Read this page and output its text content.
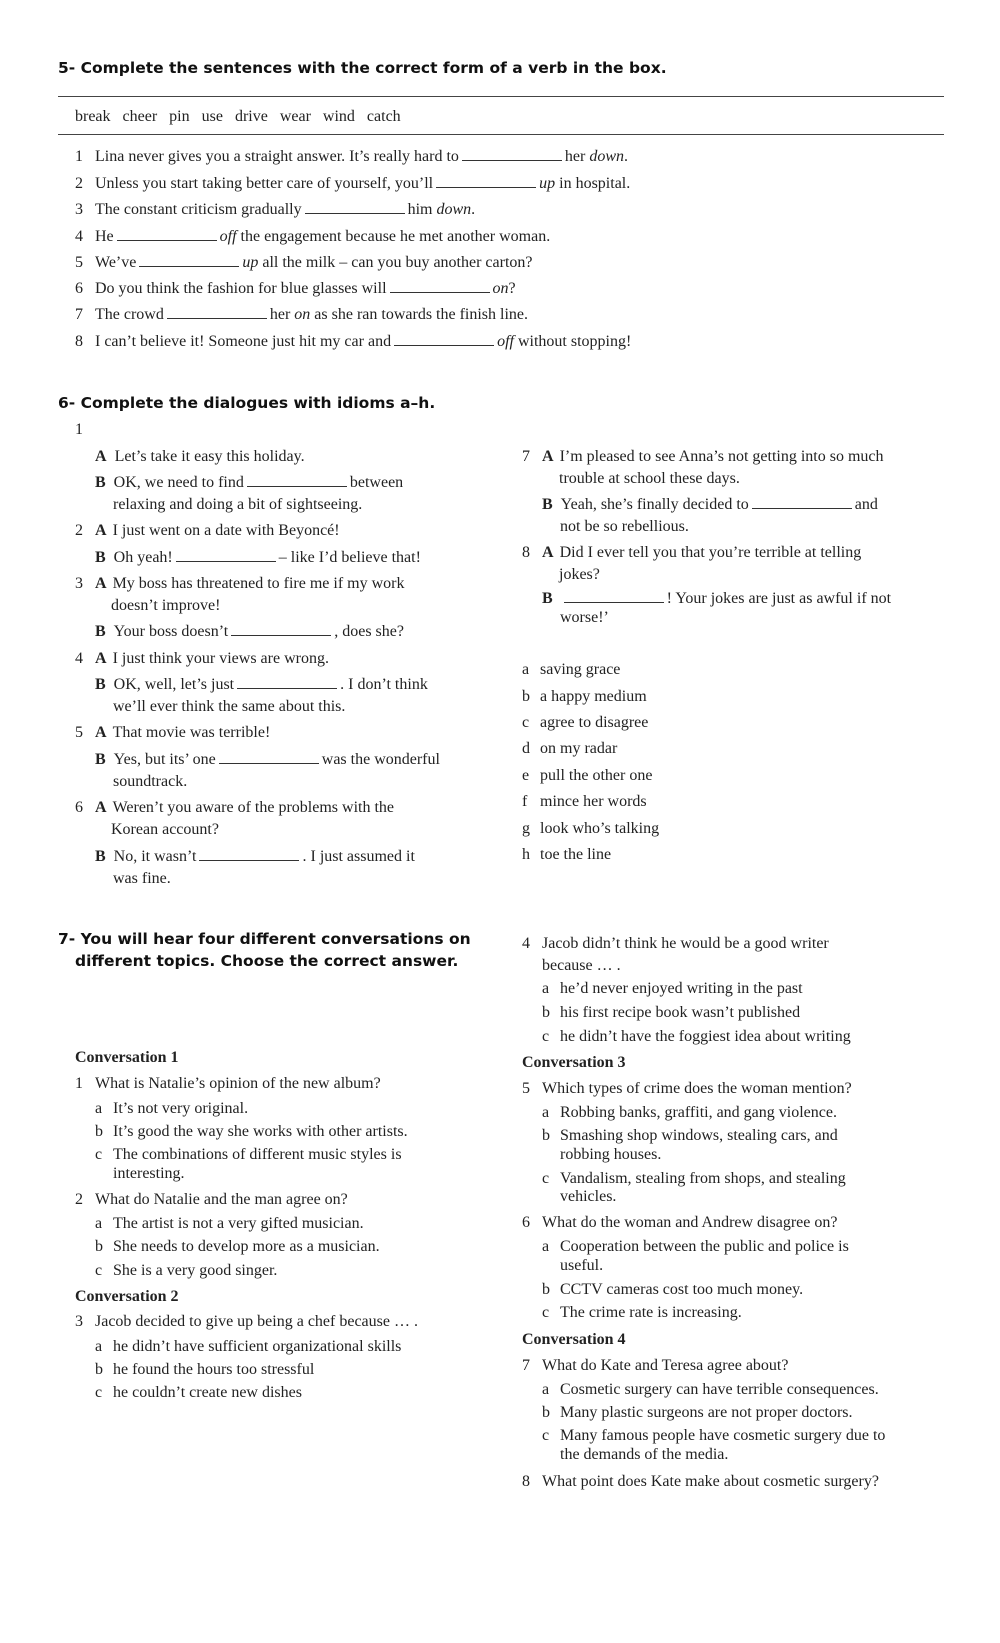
5- Complete the sentences with the correct form of a verb in the box.
break cheer pin use drive wear wind catch
1 Lina never gives you a straight answer. It’s really hard to	her down.
2 Unless you start taking better care of yourself, you’ll	up in hospital.
3 The constant criticism gradually	him down.
4 He	off the engagement because he met another woman.
5 We’ve	up all the milk – can you buy another carton?
6 Do you think the fashion for blue glasses will	on?
7 The crowd	her on as she ran towards the finish line.
8 I can’t believe it! Someone just hit my car and	off without stopping!
6- Complete the dialogues with idioms a–h.
1
A Let’s take it easy this holiday.
B OK, we need to find	between
relaxing and doing a bit of sightseeing.
2 A I just went on a date with Beyoncé!
B Oh yeah!	– like I’d believe that!
3 A My boss has threatened to fire me if my work
doesn’t improve!
B Your boss doesn’t	, does she?
4 A I just think your views are wrong.
B OK, well, let’s just	. I don’t think
we’ll ever think the same about this.
5 A That movie was terrible!
B Yes, but its’ one	was the wonderful
soundtrack.
6 A Weren’t you aware of the problems with the
Korean account?
B No, it wasn’t	. I just assumed it
was fine.
7 A I’m pleased to see Anna’s not getting into so much
trouble at school these days.
B Yeah, she’s finally decided to	and
not be so rebellious.
8 A Did I ever tell you that you’re terrible at telling
jokes?
B	! Your jokes are just as awful if not
worse!’
a saving grace
b a happy medium
c agree to disagree
d on my radar
e pull the other one
f mince her words
g look who’s talking
h toe the line
7- You will hear four different conversations on
different topics. Choose the correct answer.
Conversation 1
1 What is Natalie’s opinion of the new album?
a It’s not very original.
b It’s good the way she works with other artists.
c The combinations of different music styles is
interesting.
2 What do Natalie and the man agree on?
a The artist is not a very gifted musician.
b She needs to develop more as a musician.
c She is a very good singer.
Conversation 2
3 Jacob decided to give up being a chef because … .
a he didn’t have sufficient organizational skills
b he found the hours too stressful
c he couldn’t create new dishes
4 Jacob didn’t think he would be a good writer
because … .
a he’d never enjoyed writing in the past
b his first recipe book wasn’t published
c he didn’t have the foggiest idea about writing
Conversation 3
5 Which types of crime does the woman mention?
a Robbing banks, graffiti, and gang violence.
b Smashing shop windows, stealing cars, and
robbing houses.
c Vandalism, stealing from shops, and stealing
vehicles.
6 What do the woman and Andrew disagree on?
a Cooperation between the public and police is
useful.
b CCTV cameras cost too much money.
c The crime rate is increasing.
Conversation 4
7 What do Kate and Teresa agree about?
a Cosmetic surgery can have terrible consequences.
b Many plastic surgeons are not proper doctors.
c Many famous people have cosmetic surgery due to
the demands of the media.
8 What point does Kate make about cosmetic surgery?
